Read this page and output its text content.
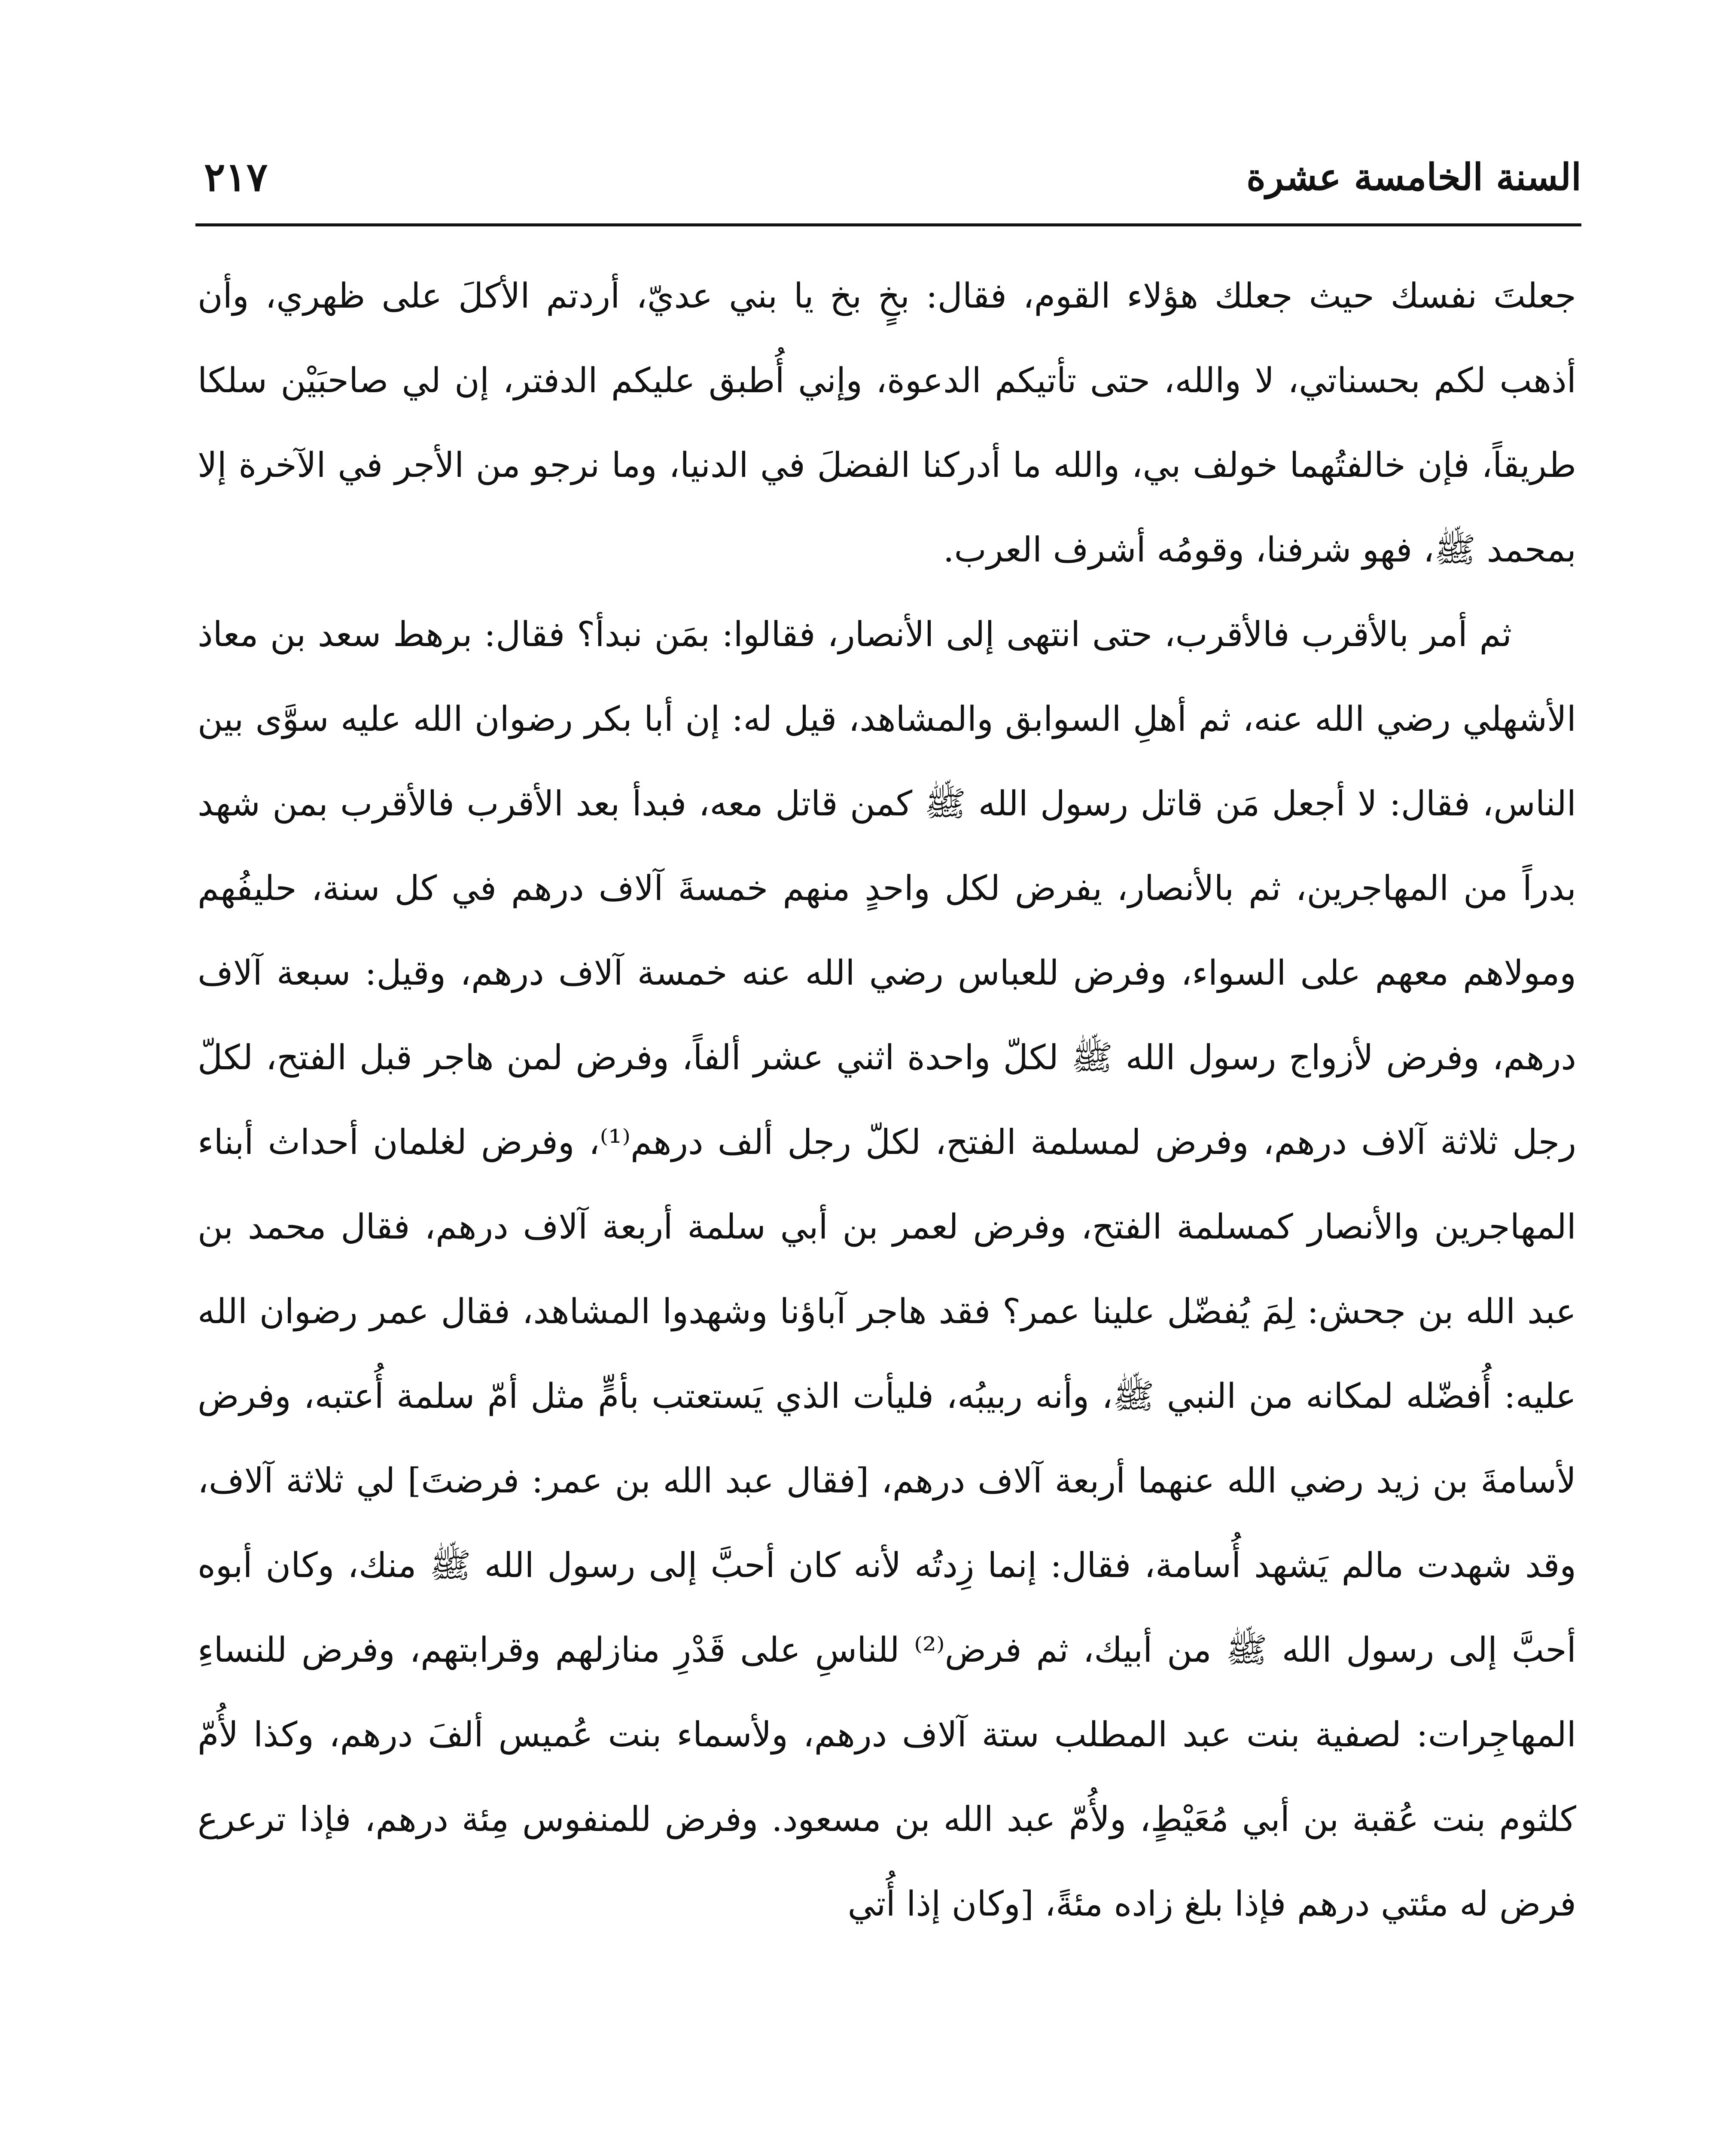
السنة الخامسة عشرة
٢١٧

جعلتَ نفسك حيث جعلك هؤلاء القوم، فقال: بخٍ بخ يا بني عديّ، أردتم الأكلَ على ظهري، وأن أذهب لكم بحسناتي، لا والله، حتى تأتيكم الدعوة، وإني أُطبق عليكم الدفتر، إن لي صاحبَيْن سلكا طريقاً، فإن خالفتُهما خولف بي، والله ما أدركنا الفضلَ في الدنيا، وما نرجو من الأجر في الآخرة إلا بمحمد ﷺ، فهو شرفنا، وقومُه أشرف العرب.

ثم أمر بالأقرب فالأقرب، حتى انتهى إلى الأنصار، فقالوا: بمَن نبدأ؟ فقال: برهط سعد بن معاذ الأشهلي رضي الله عنه، ثم أهلِ السوابق والمشاهد، قيل له: إن أبا بكر رضوان الله عليه سوَّى بين الناس، فقال: لا أجعل مَن قاتل رسول الله ﷺ كمن قاتل معه، فبدأ بعد الأقرب فالأقرب بمن شهد بدراً من المهاجرين، ثم بالأنصار، يفرض لكل واحدٍ منهم خمسةَ آلاف درهم في كل سنة، حليفُهم ومولاهم معهم على السواء، وفرض للعباس رضي الله عنه خمسة آلاف درهم، وقيل: سبعة آلاف درهم، وفرض لأزواج رسول الله ﷺ لكلّ واحدة اثني عشر ألفاً، وفرض لمن هاجر قبل الفتح، لكلّ رجل ثلاثة آلاف درهم، وفرض لمسلمة الفتح، لكلّ رجل ألف درهم⁽¹⁾، وفرض لغلمان أحداث أبناء المهاجرين والأنصار كمسلمة الفتح، وفرض لعمر بن أبي سلمة أربعة آلاف درهم، فقال محمد بن عبد الله بن جحش: لِمَ يُفضّل علينا عمر؟ فقد هاجر آباؤنا وشهدوا المشاهد، فقال عمر رضوان الله عليه: أُفضّله لمكانه من النبي ﷺ، وأنه ربيبُه، فليأت الذي يَستعتب بأمٍّ مثل أمّ سلمة أُعتبه، وفرض لأسامةَ بن زيد رضي الله عنهما أربعة آلاف درهم، [فقال عبد الله بن عمر: فرضتَ] لي ثلاثة آلاف، وقد شهدت مالم يَشهد أُسامة، فقال: إنما زِدتُه لأنه كان أحبَّ إلى رسول الله ﷺ منك، وكان أبوه أحبَّ إلى رسول الله ﷺ من أبيك، ثم فرض⁽²⁾ للناسِ على قَدْرِ منازلهم وقرابتهم، وفرض للنساءِ المهاجِرات: لصفية بنت عبد المطلب ستة آلاف درهم، ولأسماء بنت عُميس ألفَ درهم، وكذا لأُمّ كلثوم بنت عُقبة بن أبي مُعَيْطٍ، ولأُمّ عبد الله بن مسعود. وفرض للمنفوس مِئة درهم، فإذا ترعرع فرض له مئتي درهم فإذا بلغ زاده مئةً، [وكان إذا أُتي
